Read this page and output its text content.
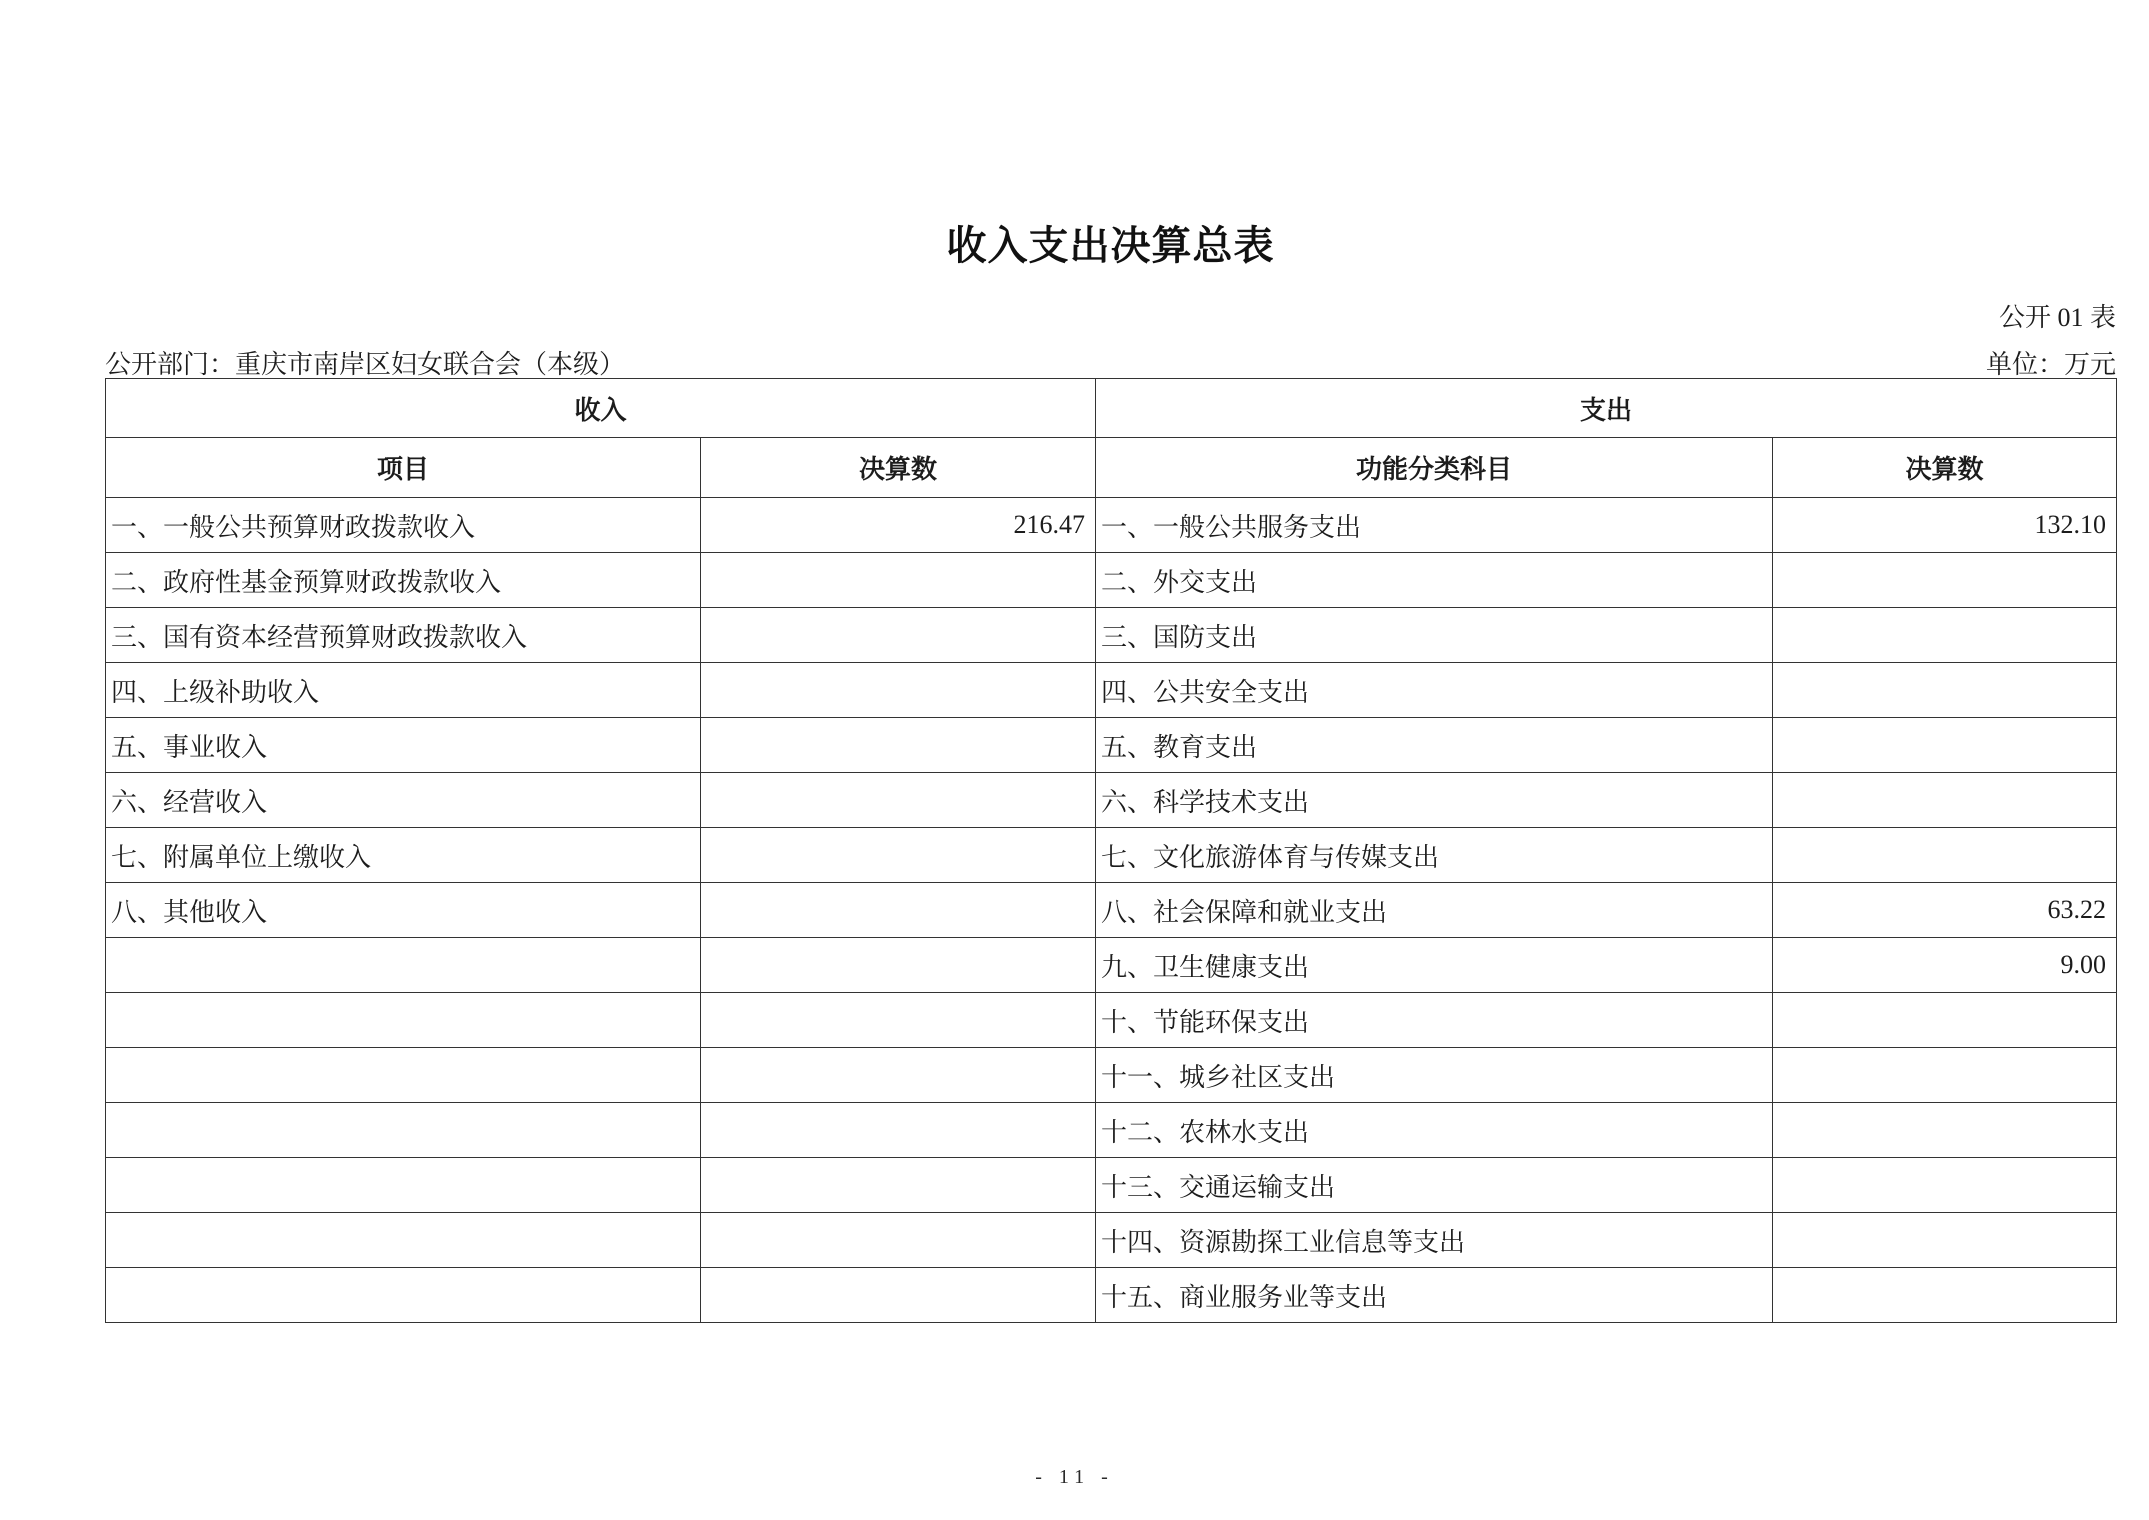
收入支出决算总表
公开 01 表
公开部门：重庆市南岸区妇女联合会（本级）	单位：万元
收入		支出	
项目	决算数	功能分类科目	决算数
一、一般公共预算财政拨款收入	216.47	一、一般公共服务支出	132.10
二、政府性基金预算财政拨款收入		二、外交支出	
三、国有资本经营预算财政拨款收入		三、国防支出	
四、上级补助收入		四、公共安全支出	
五、事业收入		五、教育支出	
六、经营收入		六、科学技术支出	
七、附属单位上缴收入		七、文化旅游体育与传媒支出	
八、其他收入		八、社会保障和就业支出	63.22
		九、卫生健康支出	9.00
		十、节能环保支出	
		十一、城乡社区支出	
		十二、农林水支出	
		十三、交通运输支出	
		十四、资源勘探工业信息等支出	
		十五、商业服务业等支出	
- 11 -
